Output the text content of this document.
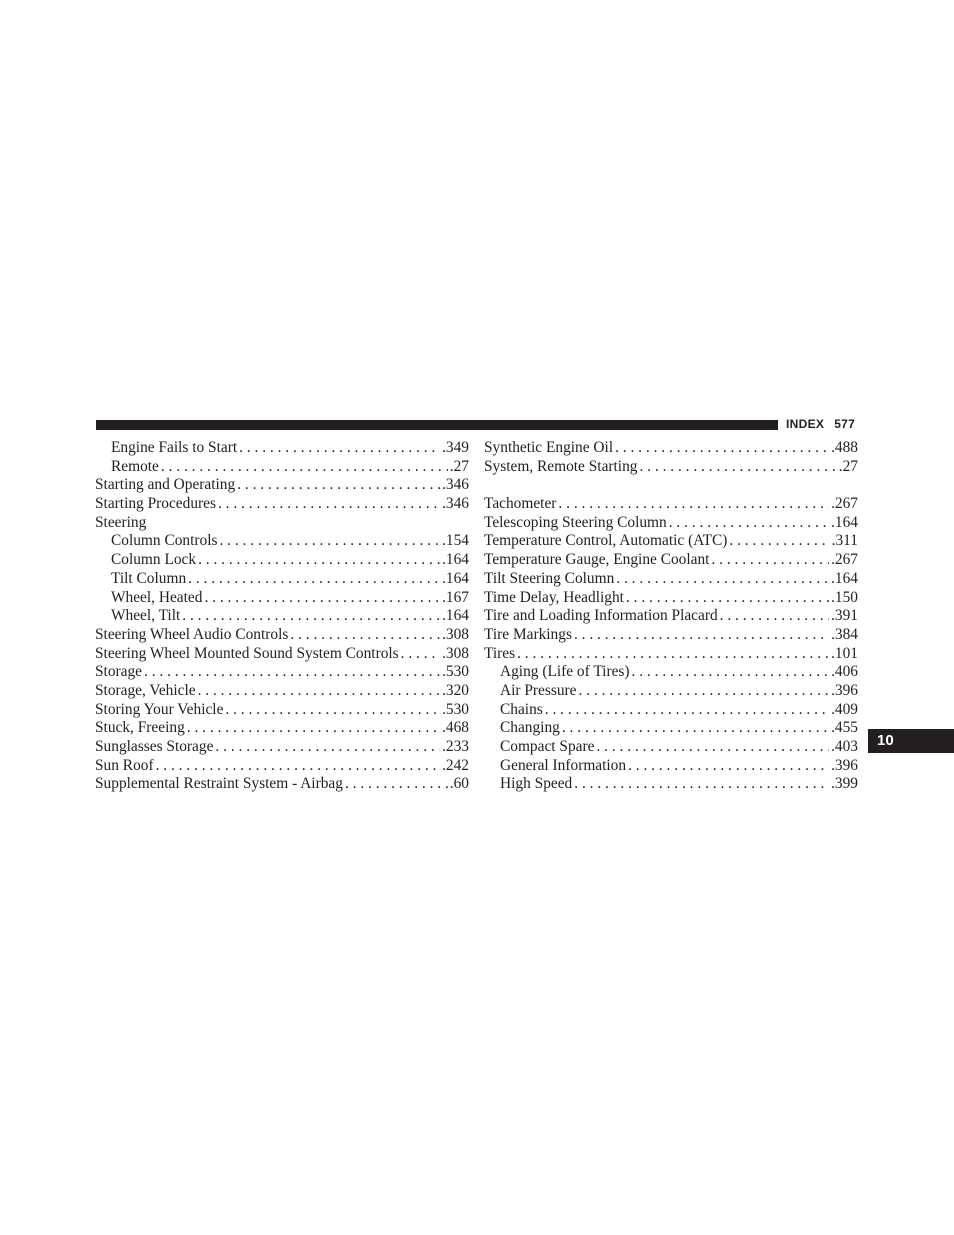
INDEX 577
Engine Fails to Start . . .	.349
Remote . . .	.27
Starting and Operating . . .	.346
Starting Procedures . . .	.346
Steering
Column Controls . . .	.154
Column Lock . . .	.164
Tilt Column . . .	.164
Wheel, Heated . . .	.167
Wheel, Tilt . . .	.164
Steering Wheel Audio Controls . . .	.308
Steering Wheel Mounted Sound System Controls . . .	.308
Storage . . .	.530
Storage, Vehicle . . .	.320
Storing Your Vehicle . . .	.530
Stuck, Freeing . . .	.468
Sunglasses Storage . . .	.233
Sun Roof . . .	.242
Supplemental Restraint System - Airbag . . .	.60
Synthetic Engine Oil . . .	.488
System, Remote Starting . . .	.27
Tachometer . . .	.267
Telescoping Steering Column . . .	.164
Temperature Control, Automatic (ATC) . . .	.311
Temperature Gauge, Engine Coolant . . .	.267
Tilt Steering Column . . .	.164
Time Delay, Headlight . . .	.150
Tire and Loading Information Placard . . .	.391
Tire Markings . . .	.384
Tires . . .	.101
Aging (Life of Tires) . . .	.406
Air Pressure . . .	.396
Chains . . .	.409
Changing . . .	.455
Compact Spare . . .	.403
General Information . . .	.396
High Speed . . .	.399
10
